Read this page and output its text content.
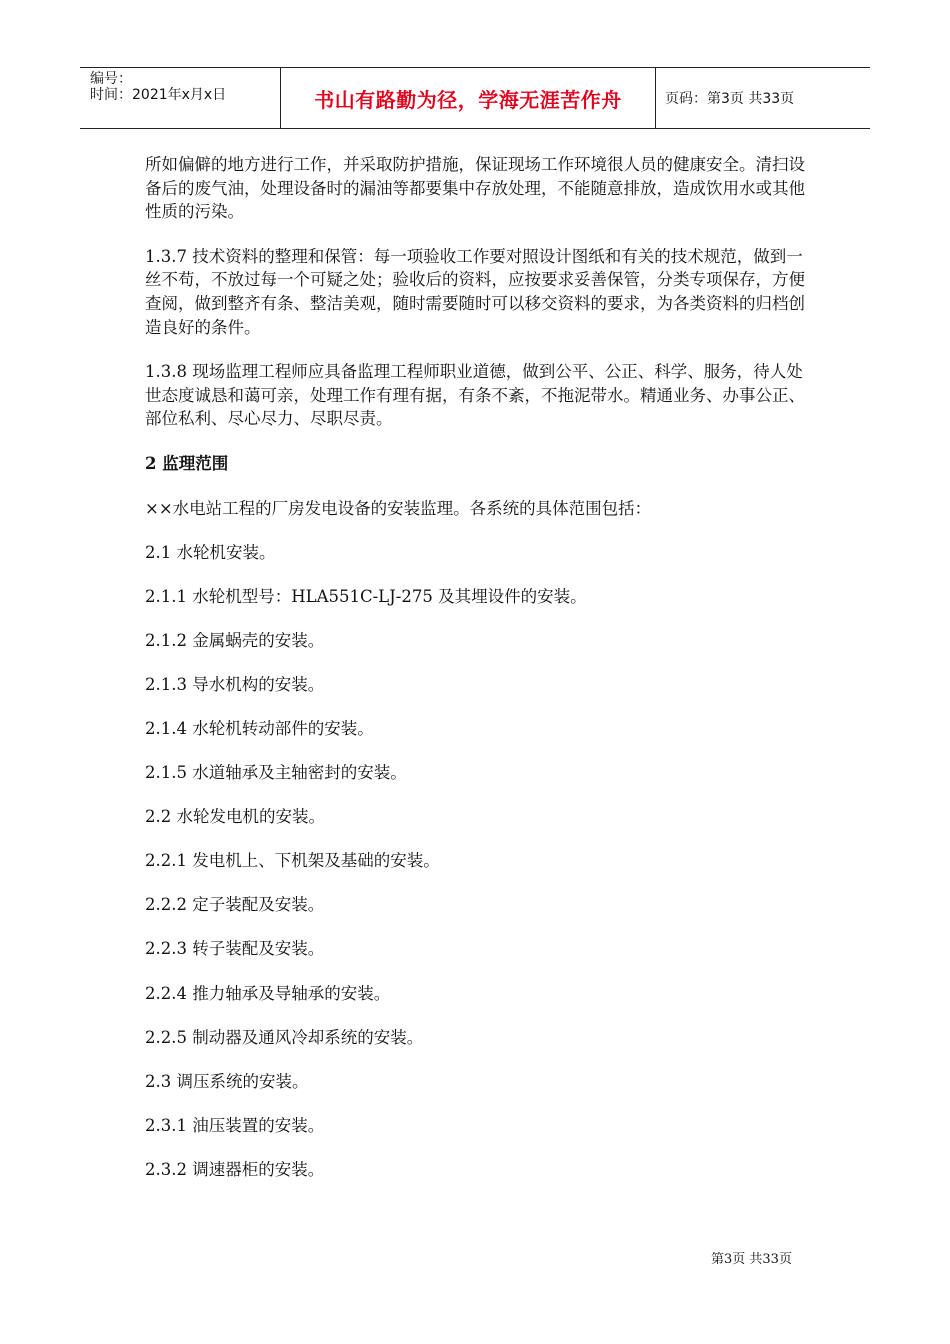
编号：
时间：2021年x月x日	书山有路勤为径，学海无涯苦作舟	页码：第3页 共33页

所如偏僻的地方进行工作，并采取防护措施，保证现场工作环境很人员的健康安全。清扫设备后的废气油，处理设备时的漏油等都要集中存放处理，不能随意排放，造成饮用水或其他性质的污染。

1.3.7 技术资料的整理和保管：每一项验收工作要对照设计图纸和有关的技术规范，做到一丝不苟，不放过每一个可疑之处；验收后的资料，应按要求妥善保管，分类专项保存，方便查阅，做到整齐有条、整洁美观，随时需要随时可以移交资料的要求，为各类资料的归档创造良好的条件。

1.3.8 现场监理工程师应具备监理工程师职业道德，做到公平、公正、科学、服务，待人处世态度诚恳和蔼可亲，处理工作有理有据，有条不紊，不拖泥带水。精通业务、办事公正、部位私利、尽心尽力、尽职尽责。

2 监理范围

××水电站工程的厂房发电设备的安装监理。各系统的具体范围包括：

2.1 水轮机安装。

2.1.1 水轮机型号：HLA551C-LJ-275 及其埋设件的安装。

2.1.2 金属蜗壳的安装。

2.1.3 导水机构的安装。

2.1.4 水轮机转动部件的安装。

2.1.5 水道轴承及主轴密封的安装。

2.2 水轮发电机的安装。

2.2.1 发电机上、下机架及基础的安装。

2.2.2 定子装配及安装。

2.2.3 转子装配及安装。

2.2.4 推力轴承及导轴承的安装。

2.2.5 制动器及通风冷却系统的安装。

2.3 调压系统的安装。

2.3.1 油压装置的安装。

2.3.2 调速器柜的安装。

第3页 共33页
